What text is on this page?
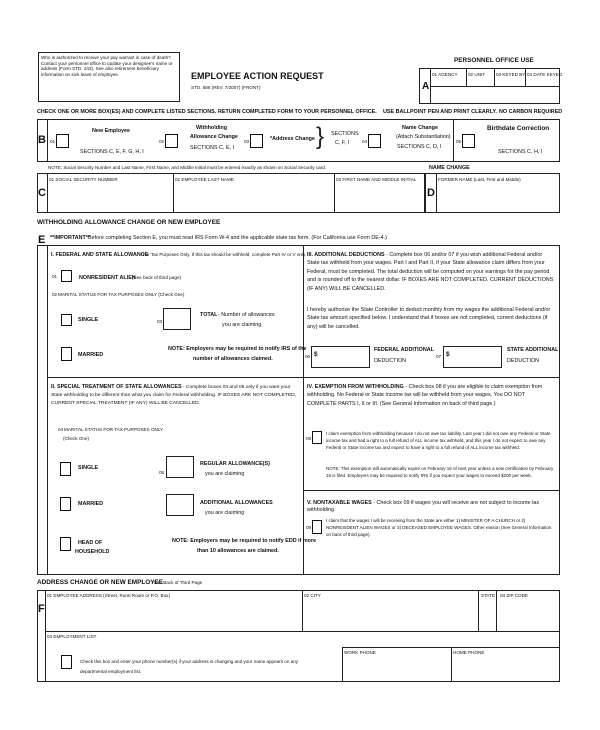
Who is authorized to receive your pay warrant in case of death? Contact your personnel office to update your designee's name or address (Form STD. 243). See also retirement beneficiary information on sick leave of employee.	EMPLOYEE ACTION REQUEST
STD. 686 (REV. 7/2007) (FRONT)
PERSONNEL OFFICE USE
A
01 AGENCY 02 UNIT 03 KEYED BY 04 DATE KEYED
CHECK ONE OR MORE BOX(ES) AND COMPLETE LISTED SECTIONS. RETURN COMPLETED FORM TO YOUR PERSONNEL OFFICE. USE BALLPOINT PEN AND PRINT CLEARLY. NO CARBON REQUIRED
B 01
New Employee
SECTIONS C, E, F, G, H, I
02
Withholding
Allowance Change
SECTIONS C, E, I
03	*Address Change } SECTIONS
C, F, I	04
Name Change
(Attach Substantiation)
SECTIONS C, D, I
05
Birthdate Correction
SECTIONS C, H, I
NOTE: Social Security Number and Last Name, First Name, and Middle Initial must be entered exactly as shown on Social Security card.	NAME CHANGE
C
01 SOCIAL SECURITY NUMBER	02 EMPLOYEE LAST NAME	03 FIRST NAME AND MIDDLE INITIAL
D
FORMER NAME (Last, First and Middle)
WITHHOLDING ALLOWANCE CHANGE OR NEW EMPLOYEE
**IMPORTANT**
Before completing Section E, you must read IRS Form W-4 and the applicable state tax form. (For California use Form DE-4.)
E
I. FEDERAL AND STATE ALLOWANCE
- For Tax Purposes Only. If this tax should be withheld, complete Part IV or V only.
01	NONRESIDENT ALIEN
(See back of third page)
02 MARITAL STATUS FOR TAX PURPOSES ONLY (Check One)
SINGLE
MARRIED
03
TOTAL - Number of allowances
you are claiming
NOTE: Employers may be required to notify IRS of the
number of allowances claimed.
III. ADDITIONAL DEDUCTIONS - Complete box 06 and/or 07 if you wish additional Federal and/or State tax withheld from your wages. Part I and Part II, if your State allowance claim differs from your Federal, must be completed. The total deduction will be computed on your earnings for the pay period and is rounded off to the nearest dollar. IF BOXES ARE NOT COMPLETED, CURRENT DEDUCTIONS (IF ANY) WILL BE CANCELLED.
I hereby authorize the State Controller to deduct monthly from my wages the additional Federal and/or State tax amount specified below. I understand that if boxes are not completed, current deductions (if any) will be cancelled.
06 $
FEDERAL ADDITIONAL
DEDUCTION
07 $
STATE ADDITIONAL
DEDUCTION
II. SPECIAL TREATMENT OF STATE ALLOWANCES - Complete boxes 03 and 05 only if you want your State withholding to be different than what you claim for Federal withholding. IF BOXES ARE NOT COMPLETED, CURRENT SPECIAL TREATMENT (IF ANY) WILL BE CANCELLED.
04 MARITAL STATUS FOR TAX PURPOSES ONLY
(Check One)
SINGLE
MARRIED
HEAD OF
HOUSEHOLD
05
REGULAR ALLOWANCE(S)
you are claiming
ADDITIONAL ALLOWANCES
you are claiming
NOTE: Employers may be required to notify EDD if more
than 10 allowances are claimed.
IV. EXEMPTION FROM WITHHOLDING - Check box 08 if you are eligible to claim exemption from withholding. No Federal or State income tax will be withheld from your wages. You DO NOT COMPLETE PARTS I, II or III. (See General Information on back of third page.)
08
I claim exemption from withholding because I do not owe tax liability. Last year I did not owe any Federal or State income tax and had a right to a full refund of ALL income tax withheld, and this year I do not expect to owe any Federal or State income tax and expect to have a right to a full refund of ALL income tax withheld.
NOTE: This exemption will automatically expire on February 15 of next year unless a new certification by February 15 is filed. Employers may be required to notify IRS if you expect your wages to exceed $200 per week.
V. NONTAXABLE WAGES - Check box 09 if wages you will receive are not subject to income tax withholding.
09
I claim that the wages I will be receiving from the State are either 1) MINISTER OF A CHURCH or 2) NONRESIDENT ALIEN WAGES or 3) DECEASED EMPLOYEE WAGES. Other reason (See General Information on back of third page).
ADDRESS CHANGE OR NEW EMPLOYEE
*See Back of Third Page
F
01 EMPLOYEE ADDRESS (Street, Rural Route or P.O. Box)	02 CITY	STATE 03 ZIP CODE
04 EMPLOYMENT LIST
Check this box and enter your phone number(s) if your address is changing and your name appears on any
departmental employment list.
WORK PHONE	HOME PHONE
